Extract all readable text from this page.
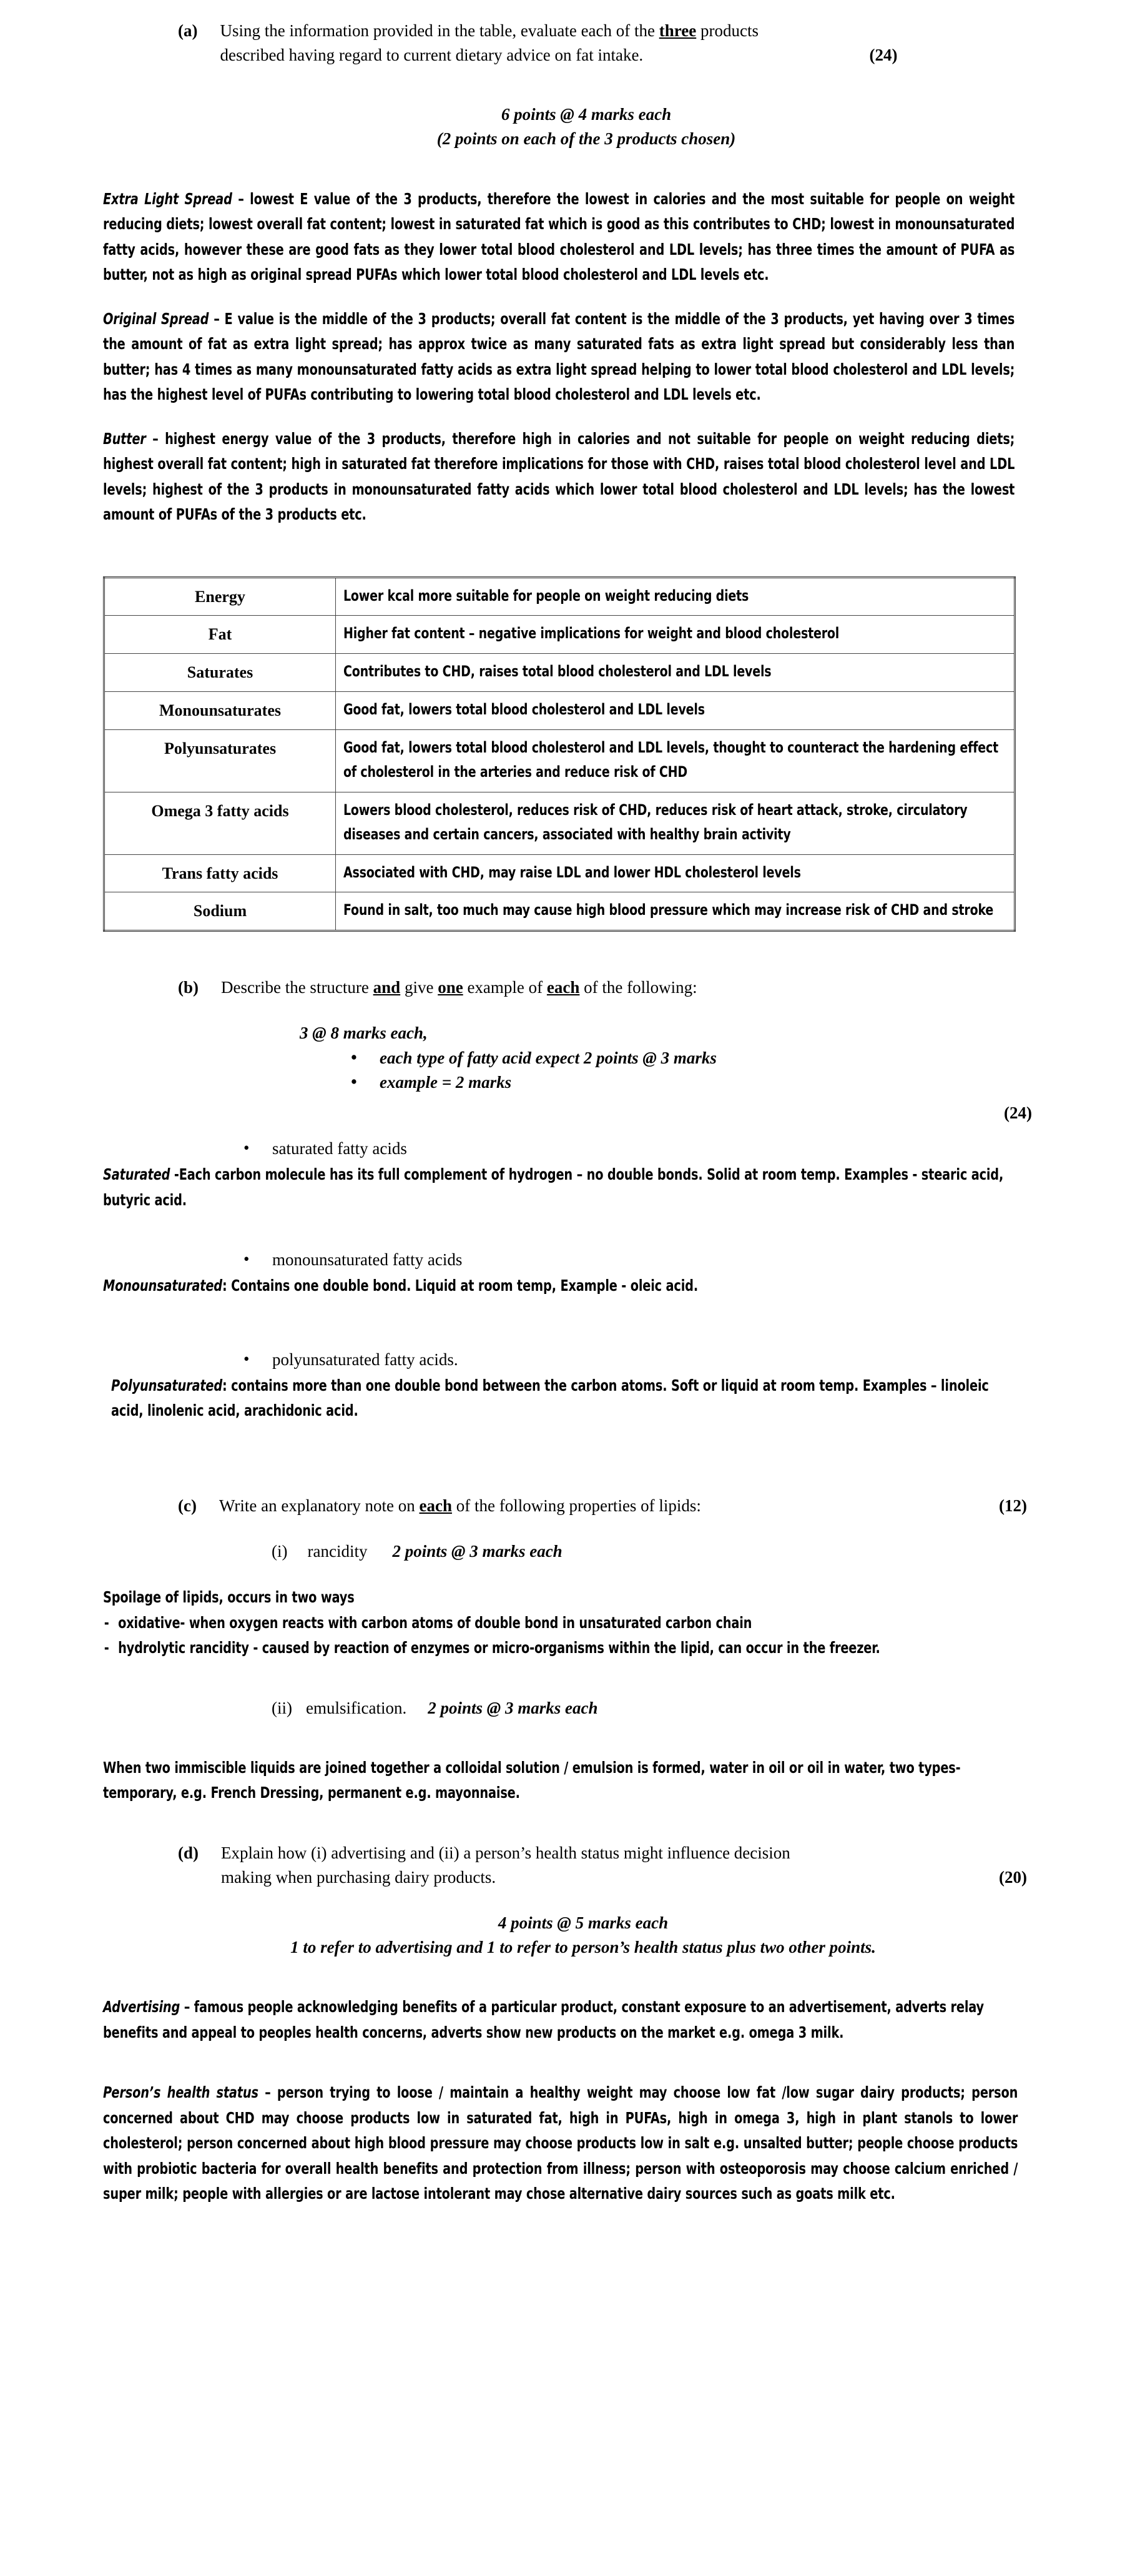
(a) Using the information provided in the table, evaluate each of the three products
described having regard to current dietary advice on fat intake.	(24)
6 points @ 4 marks each
(2 points on each of the 3 products chosen)

Extra Light Spread – lowest E value of the 3 products, therefore the lowest in calories and the most suitable for people on weight reducing diets; lowest overall fat content; lowest in saturated fat which is good as this contributes to CHD; lowest in monounsaturated fatty acids, however these are good fats as they lower total blood cholesterol and LDL levels; has three times the amount of PUFA as butter, not as high as original spread PUFAs which lower total blood cholesterol and LDL levels etc.

Original Spread – E value is the middle of the 3 products; overall fat content is the middle of the 3 products, yet having over 3 times the amount of fat as extra light spread; has approx twice as many saturated fats as extra light spread but considerably less than butter; has 4 times as many monounsaturated fatty acids as extra light spread helping to lower total blood cholesterol and LDL levels; has the highest level of PUFAs contributing to lowering total blood cholesterol and LDL levels etc.

Butter – highest energy value of the 3 products, therefore high in calories and not suitable for people on weight reducing diets; highest overall fat content; high in saturated fat therefore implications for those with CHD, raises total blood cholesterol level and LDL levels; highest of the 3 products in monounsaturated fatty acids which lower total blood cholesterol and LDL levels; has the lowest amount of PUFAs of the 3 products etc.

Energy	Lower kcal more suitable for people on weight reducing diets

Fat	Higher fat content – negative implications for weight and blood cholesterol

Saturates	Contributes to CHD, raises total blood cholesterol and LDL levels

Monounsaturates	Good fat, lowers total blood cholesterol and LDL levels

Polyunsaturates	Good fat, lowers total blood cholesterol and LDL levels, thought to counteract the hardening effect of cholesterol in the arteries and reduce risk of CHD

Omega 3 fatty acids	Lowers blood cholesterol, reduces risk of CHD, reduces risk of heart attack, stroke, circulatory diseases and certain cancers, associated with healthy brain activity

Trans fatty acids	Associated with CHD, may raise LDL and lower HDL cholesterol levels

Sodium	Found in salt, too much may cause high blood pressure which may increase risk of CHD and stroke
(b) Describe the structure and give one example of each of the following:
3 @ 8 marks each,
• each type of fatty acid expect 2 points @ 3 marks
• example = 2 marks
(24)
• saturated fatty acids

Saturated -Each carbon molecule has its full complement of hydrogen – no double bonds. Solid at room temp. Examples - stearic acid, butyric acid.

• monounsaturated fatty acids

Monounsaturated: Contains one double bond. Liquid at room temp, Example - oleic acid.

• polyunsaturated fatty acids.

Polyunsaturated: contains more than one double bond between the carbon atoms. Soft or liquid at room temp. Examples – linoleic acid, linolenic acid, arachidonic acid.

(c) Write an explanatory note on each of the following properties of lipids:	(12)
(i) rancidity 2 points @ 3 marks each

Spoilage of lipids, occurs in two ways

- oxidative- when oxygen reacts with carbon atoms of double bond in unsaturated carbon chain
- hydrolytic rancidity - caused by reaction of enzymes or micro-organisms within the lipid, can occur in the freezer.
(ii) emulsification. 2 points @ 3 marks each

When two immiscible liquids are joined together a colloidal solution / emulsion is formed, water in oil or oil in water, two types-temporary, e.g. French Dressing, permanent e.g. mayonnaise.

(d) Explain how (i) advertising and (ii) a person’s health status might influence decision
making when purchasing dairy products.	(20)
4 points @ 5 marks each
1 to refer to advertising and 1 to refer to person’s health status plus two other points.

Advertising – famous people acknowledging benefits of a particular product, constant exposure to an advertisement, adverts relay benefits and appeal to peoples health concerns, adverts show new products on the market e.g. omega 3 milk.

Person’s health status – person trying to loose / maintain a healthy weight may choose low fat /low sugar dairy products; person concerned about CHD may choose products low in saturated fat, high in PUFAs, high in omega 3, high in plant stanols to lower cholesterol; person concerned about high blood pressure may choose products low in salt e.g. unsalted butter; people choose products with probiotic bacteria for overall health benefits and protection from illness; person with osteoporosis may choose calcium enriched / super milk; people with allergies or are lactose intolerant may chose alternative dairy sources such as goats milk etc.
